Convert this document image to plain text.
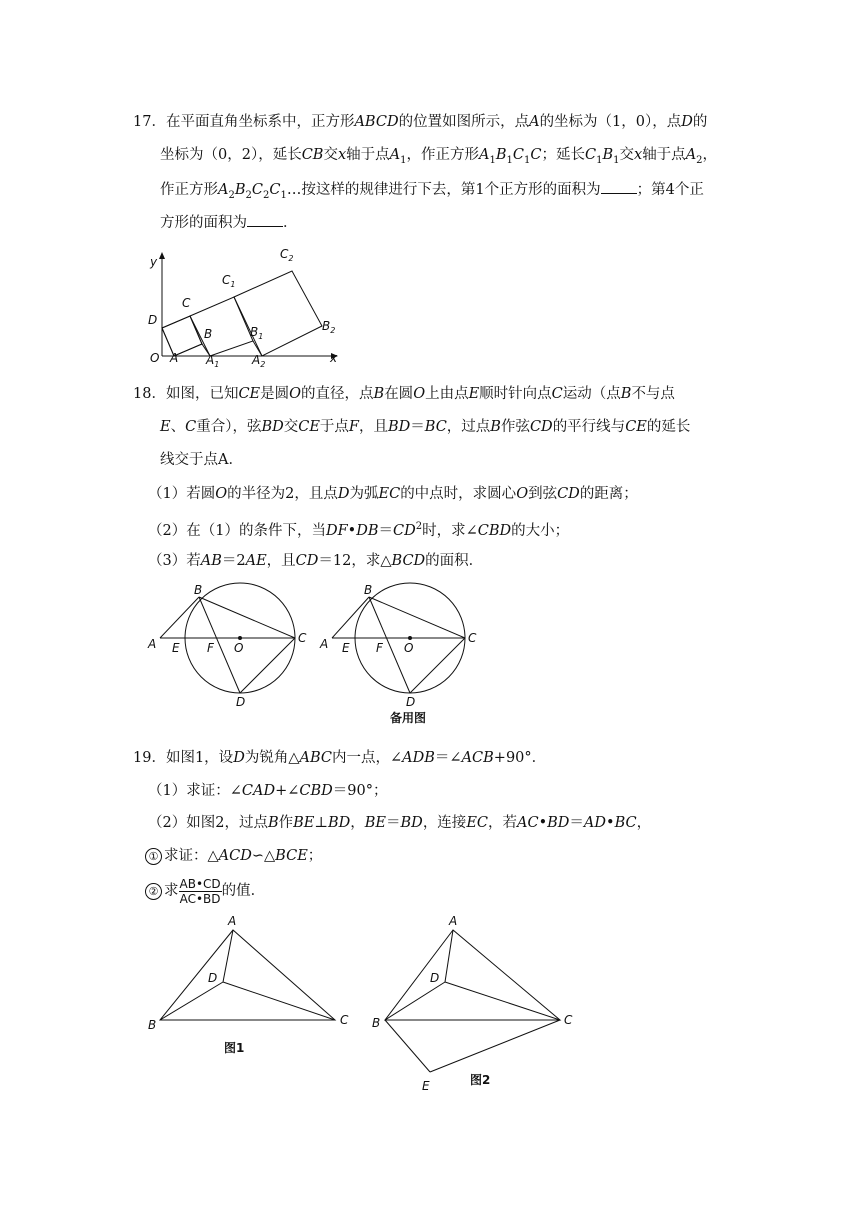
17．在平面直角坐标系中，正方形ABCD的位置如图所示，点A的坐标为（1，0），点D的
坐标为（0，2），延长CB交x轴于点$A_1$，作正方形$A_1B_1C_1C$；延长$C_1B_1$交x轴于点$A_2$，
作正方形$A_2B_2C_2C_1\dots$按这样的规律进行下去，第1个正方形的面积为 ；第4个正
方形的面积为 ．
y
x
O A
B
C
D
$A_1$
$B_1$
$C_1$
$A_2$
$B_2$
$C_2$
18．如图，已知CE是圆O的直径，点B在圆O上由点E顺时针向点C运动（点B不与点
E、C重合），弦BD交CE于点F，且BD＝BC，过点B作弦CD的平行线与CE的延长
线交于点A．
（1）若圆O的半径为2，且点D为弧EC的中点时，求圆心O到弦CD的距离；
（2）在（1）的条件下，当$DF•DB=CD^2$时，求∠CBD的大小；
（3）若AB＝2AE，且CD＝12，求△BCD的面积．
A
B
C
D
E F O	A
B
C
D
E F O
备用图
19．如图1，设D为锐角△ABC内一点，∠ADB＝∠ACB+90°．
（1）求证：∠CAD+∠CBD＝90°；
（2）如图2，过点B作BE⊥BD，BE＝BD，连接EC，若AC•BD＝AD•BC，
① 求证：△ACD∽△BCE；
② 求 $\frac{AB•CD}{AC•BD}$ 的值．
A
B	C
D
图1
A
B	C
D
E	图2
